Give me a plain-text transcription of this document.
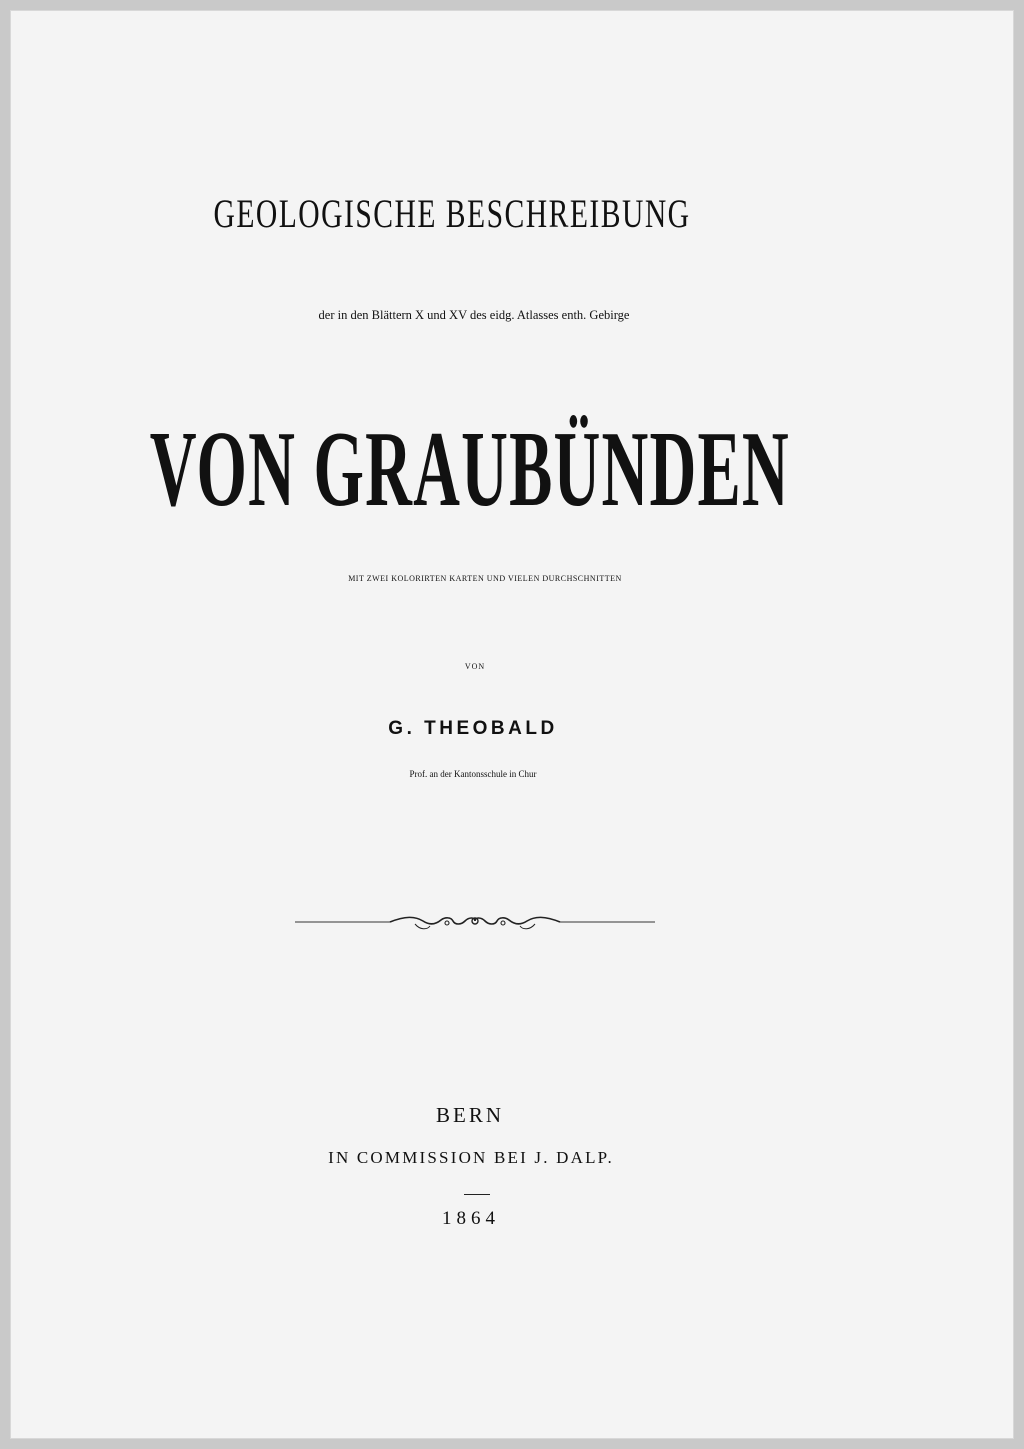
GEOLOGISCHE BESCHREIBUNG
der in den Blättern X und XV des eidg. Atlasses enth. Gebirge
VON GRAUBÜNDEN
MIT ZWEI KOLORIRTEN KARTEN UND VIELEN DURCHSCHNITTEN
VON
G. THEOBALD
Prof. an der Kantonsschule in Chur
BERN
IN COMMISSION BEI J. DALP.
1864
